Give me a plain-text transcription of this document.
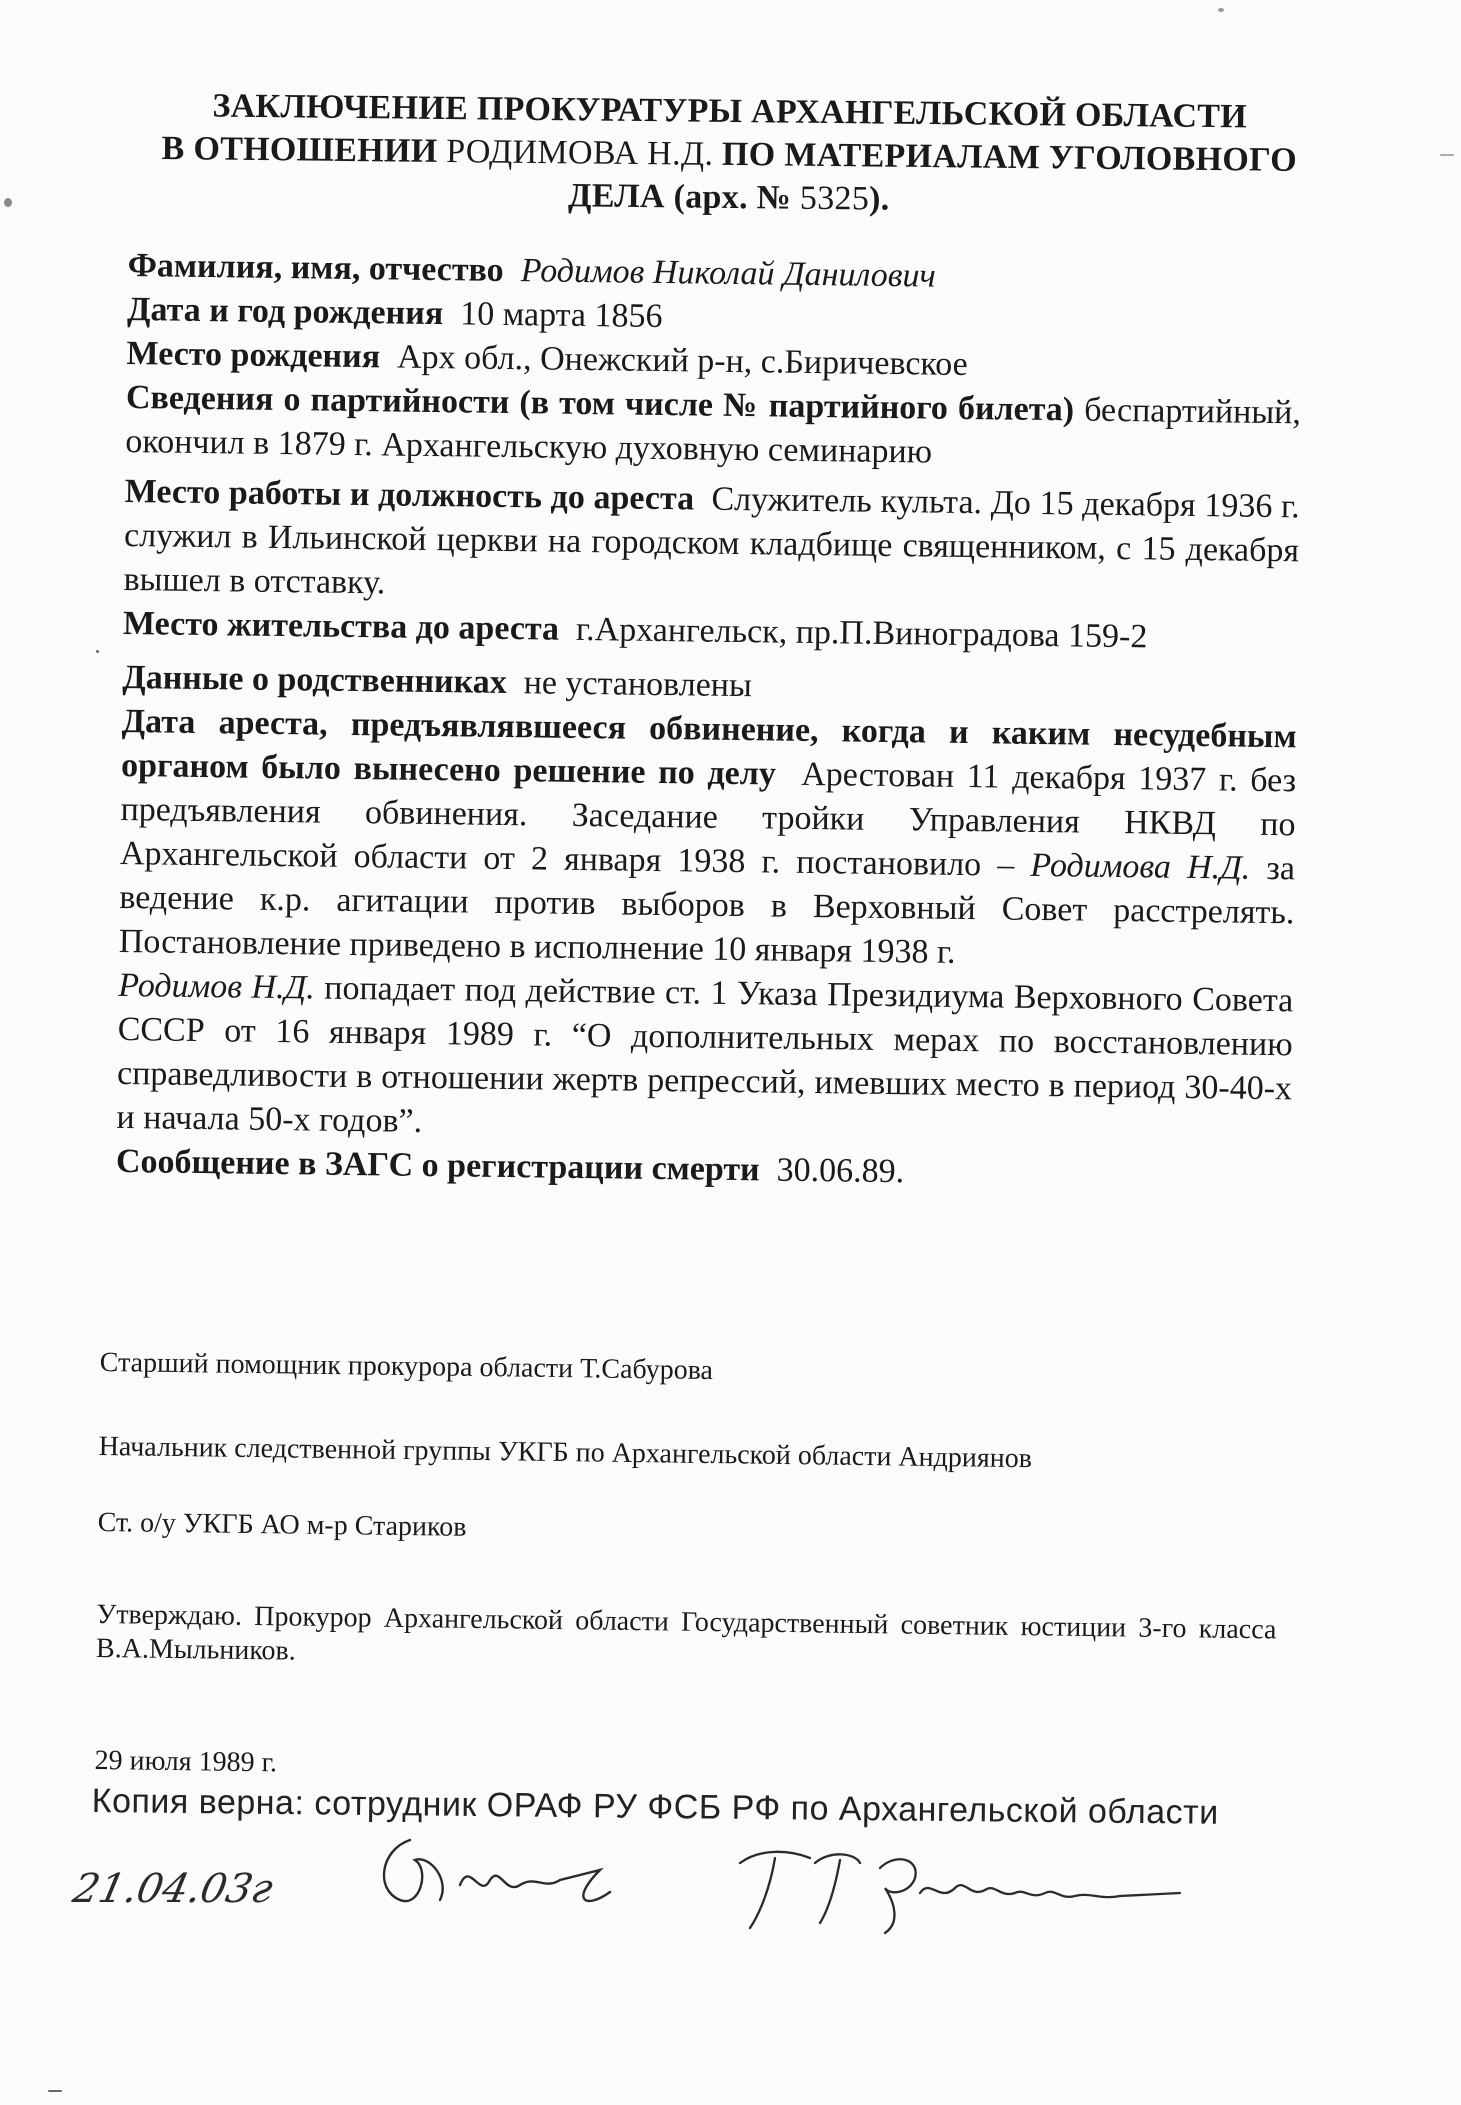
ЗАКЛЮЧЕНИЕ ПРОКУРАТУРЫ АРХАНГЕЛЬСКОЙ ОБЛАСТИ
В ОТНОШЕНИИ РОДИМОВА Н.Д. ПО МАТЕРИАЛАМ УГОЛОВНОГО
ДЕЛА (арх. № 5325).
Фамилия, имя, отчество Родимов Николай Данилович
Дата и год рождения 10 марта 1856
Место рождения Арх обл., Онежский р-н, с.Биричевское
Сведения о партийности (в том числе № партийного билета) беспартийный, окончил в 1879 г. Архангельскую духовную семинарию
Место работы и должность до ареста Служитель культа. До 15 декабря 1936 г. служил в Ильинской церкви на городском кладбище священником, с 15 декабря вышел в отставку.
Место жительства до ареста г.Архангельск, пр.П.Виноградова 159-2
Данные о родственниках не установлены
Дата ареста, предъявлявшееся обвинение, когда и каким несудебным органом было вынесено решение по делу Арестован 11 декабря 1937 г. без предъявления обвинения. Заседание тройки Управления НКВД по Архангельской области от 2 января 1938 г. постановило – Родимова Н.Д. за ведение к.р. агитации против выборов в Верховный Совет расстрелять. Постановление приведено в исполнение 10 января 1938 г.
Родимов Н.Д. попадает под действие ст. 1 Указа Президиума Верховного Совета СССР от 16 января 1989 г. “О дополнительных мерах по восстановлению справедливости в отношении жертв репрессий, имевших место в период 30-40-х и начала 50-х годов”.
Сообщение в ЗАГС о регистрации смерти 30.06.89.
Старший помощник прокурора области Т.Сабурова
Начальник следственной группы УКГБ по Архангельской области Андриянов
Ст. о/у УКГБ АО м-р Стариков
Утверждаю. Прокурор Архангельской области Государственный советник юстиции 3-го класса В.А.Мыльников.
29 июля 1989 г.
Копия верна: сотрудник ОРАФ РУ ФСБ РФ по Архангельской области
21.04.03г
